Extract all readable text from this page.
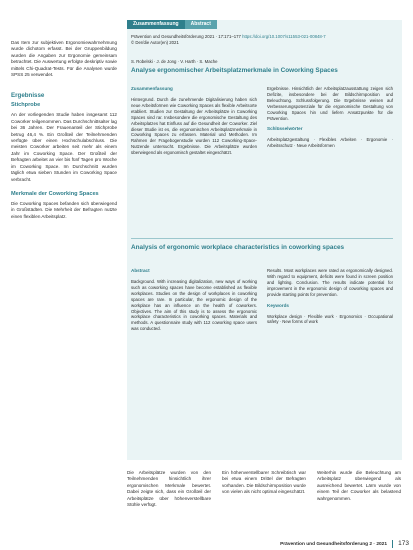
Das Item zur subjektiven Ergonomiewahrnehmung wurde dichotom erfasst. Bei der Gruppenbildung wurden die Angaben zur Ergonomie gemeinsam betrachtet. Die Auswertung erfolgte deskriptiv sowie mittels Chi-Quadrat-Tests. Für die Analysen wurde SPSS 25 verwendet.

Ergebnisse

Stichprobe

An der vorliegenden Studie haben insgesamt 112 Coworker teilgenommen. Das Durchschnittsalter lag bei 36 Jahren. Der Frauenanteil der Stichprobe betrug 46,4 %. Ein Großteil der Teilnehmenden verfügte über einen Hochschulabschluss. Die meisten Coworker arbeiten seit mehr als einem Jahr im Coworking Space. Der Großteil der Befragten arbeitet an vier bis fünf Tagen pro Woche im Coworking Space. Im Durchschnitt wurden täglich etwa sieben Stunden im Coworking Space verbracht.

Merkmale der Coworking Spaces

Die Coworking Spaces befanden sich überwiegend in Großstädten. Die Mehrheit der Befragten nutzte einen flexiblen Arbeitsplatz.

Zusammenfassung	Abstract
Prävention und Gesundheitsförderung 2021 · 17:171–177 https://doi.org/10.1007/s11553-021-00848-7
© Der/die Autor(en) 2021
S. Robelski · J. de Jong · V. Harth · S. Mache

Analyse ergonomischer Arbeitsplatzmerkmale in Coworking Spaces

Zusammenfassung

Hintergrund. Durch die zunehmende Digitalisierung haben sich neue Arbeitsformen wie Coworking Spaces als flexible Arbeitsorte etabliert. Studien zur Gestaltung der Arbeitsplätze in Coworking Spaces sind rar. Insbesondere die ergonomische Gestaltung des Arbeitsplatzes hat Einfluss auf die Gesundheit der Coworker. Ziel dieser Studie ist es, die ergonomischen Arbeitsplatzmerkmale in Coworking Spaces zu erfassen. Material und Methoden. Im Rahmen der Fragebogenstudie wurden 112 Coworking-Space-Nutzende untersucht. Ergebnisse. Die Arbeitsplätze wurden überwiegend als ergonomisch gestaltet eingeschätzt.

Ergebnisse. Hinsichtlich der Arbeitsplatzausstattung zeigen sich Defizite, insbesondere bei der Bildschirmposition und Beleuchtung. Schlussfolgerung. Die Ergebnisse weisen auf Verbesserungspotenziale für die ergonomische Gestaltung von Coworking Spaces hin und liefern Ansatzpunkte für die Prävention.

Schlüsselwörter

Arbeitsplatzgestaltung · Flexibles Arbeiten · Ergonomie · Arbeitsschutz · Neue Arbeitsformen

Analysis of ergonomic workplace characteristics in coworking spaces

Abstract

Background. With increasing digitalization, new ways of working such as coworking spaces have become established as flexible workplaces. Studies on the design of workplaces in coworking spaces are rare. In particular, the ergonomic design of the workplace has an influence on the health of coworkers. Objectives. The aim of this study is to assess the ergonomic workplace characteristics in coworking spaces. Materials and methods. A questionnaire study with 112 coworking space users was conducted.

Results. Most workplaces were rated as ergonomically designed. With regard to equipment, deficits were found in screen position and lighting. Conclusion. The results indicate potential for improvement in the ergonomic design of coworking spaces and provide starting points for prevention.

Keywords

Workplace design · Flexible work · Ergonomics · Occupational safety · New forms of work

Die Arbeitsplätze wurden von den Teilnehmenden hinsichtlich ihrer ergonomischen Merkmale bewertet. Dabei zeigte sich, dass ein Großteil der Arbeitsplätze über höhenverstellbare Stühle verfügt.

Ein höhenverstellbarer Schreibtisch war bei etwa einem Drittel der Befragten vorhanden. Die Bildschirmposition wurde von vielen als nicht optimal eingeschätzt.

Weiterhin wurde die Beleuchtung am Arbeitsplatz überwiegend als ausreichend bewertet. Lärm wurde von einem Teil der Coworker als belastend wahrgenommen.

Prävention und Gesundheitsförderung 2 · 2021 173
